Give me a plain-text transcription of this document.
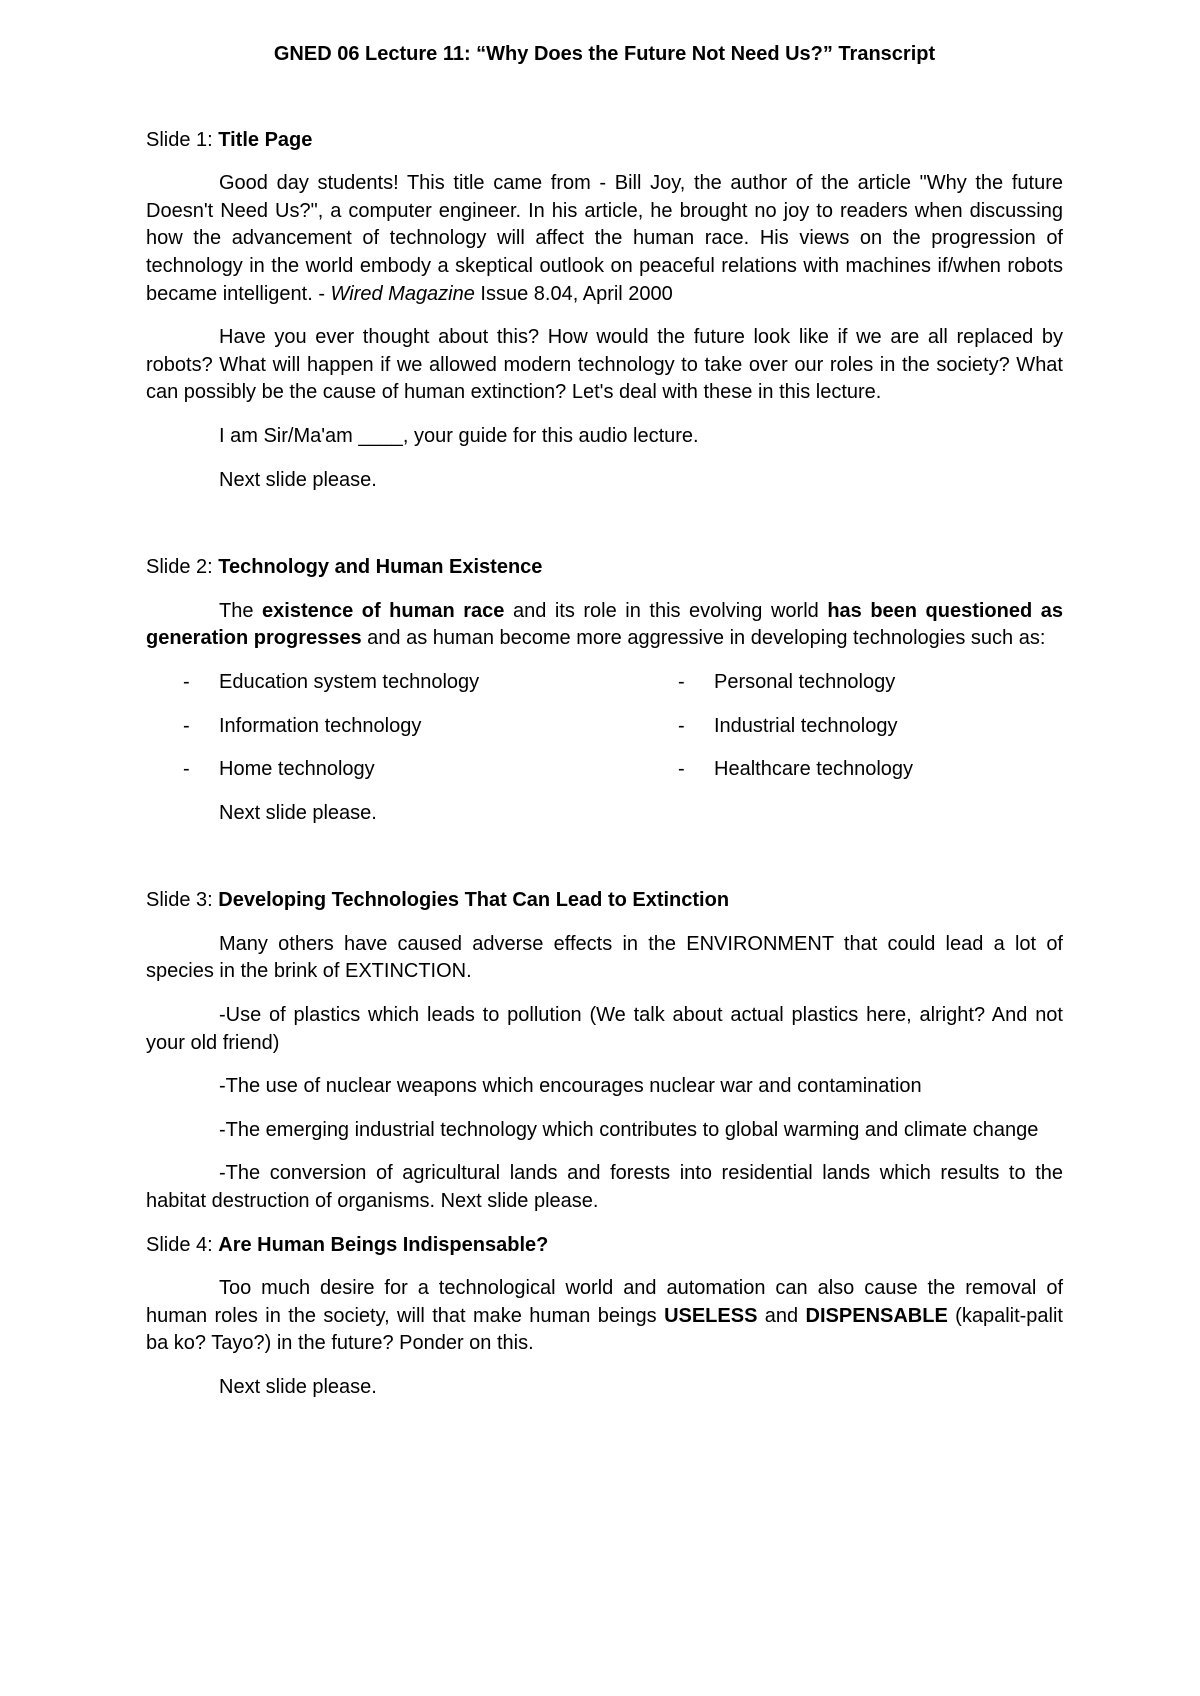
GNED 06 Lecture 11: “Why Does the Future Not Need Us?” Transcript

Slide 1: Title Page

Good day students! This title came from - Bill Joy, the author of the article "Why the future Doesn't Need Us?", a computer engineer. In his article, he brought no joy to readers when discussing how the advancement of technology will affect the human race. His views on the progression of technology in the world embody a skeptical outlook on peaceful relations with machines if/when robots became intelligent. - Wired Magazine Issue 8.04, April 2000

Have you ever thought about this? How would the future look like if we are all replaced by robots? What will happen if we allowed modern technology to take over our roles in the society? What can possibly be the cause of human extinction? Let's deal with these in this lecture.

I am Sir/Ma'am ____, your guide for this audio lecture.

Next slide please.

Slide 2: Technology and Human Existence

The existence of human race and its role in this evolving world has been questioned as generation progresses and as human become more aggressive in developing technologies such as:

-	Education system technology	-	Personal technology
-	Information technology	-	Industrial technology
-	Home technology	-	Healthcare technology

Next slide please.

Slide 3: Developing Technologies That Can Lead to Extinction

Many others have caused adverse effects in the ENVIRONMENT that could lead a lot of species in the brink of EXTINCTION.

-Use of plastics which leads to pollution (We talk about actual plastics here, alright? And not your old friend)

-The use of nuclear weapons which encourages nuclear war and contamination

-The emerging industrial technology which contributes to global warming and climate change

-The conversion of agricultural lands and forests into residential lands which results to the habitat destruction of organisms. Next slide please.

Slide 4: Are Human Beings Indispensable?

Too much desire for a technological world and automation can also cause the removal of human roles in the society, will that make human beings USELESS and DISPENSABLE (kapalit-palit ba ko? Tayo?) in the future? Ponder on this.

Next slide please.
